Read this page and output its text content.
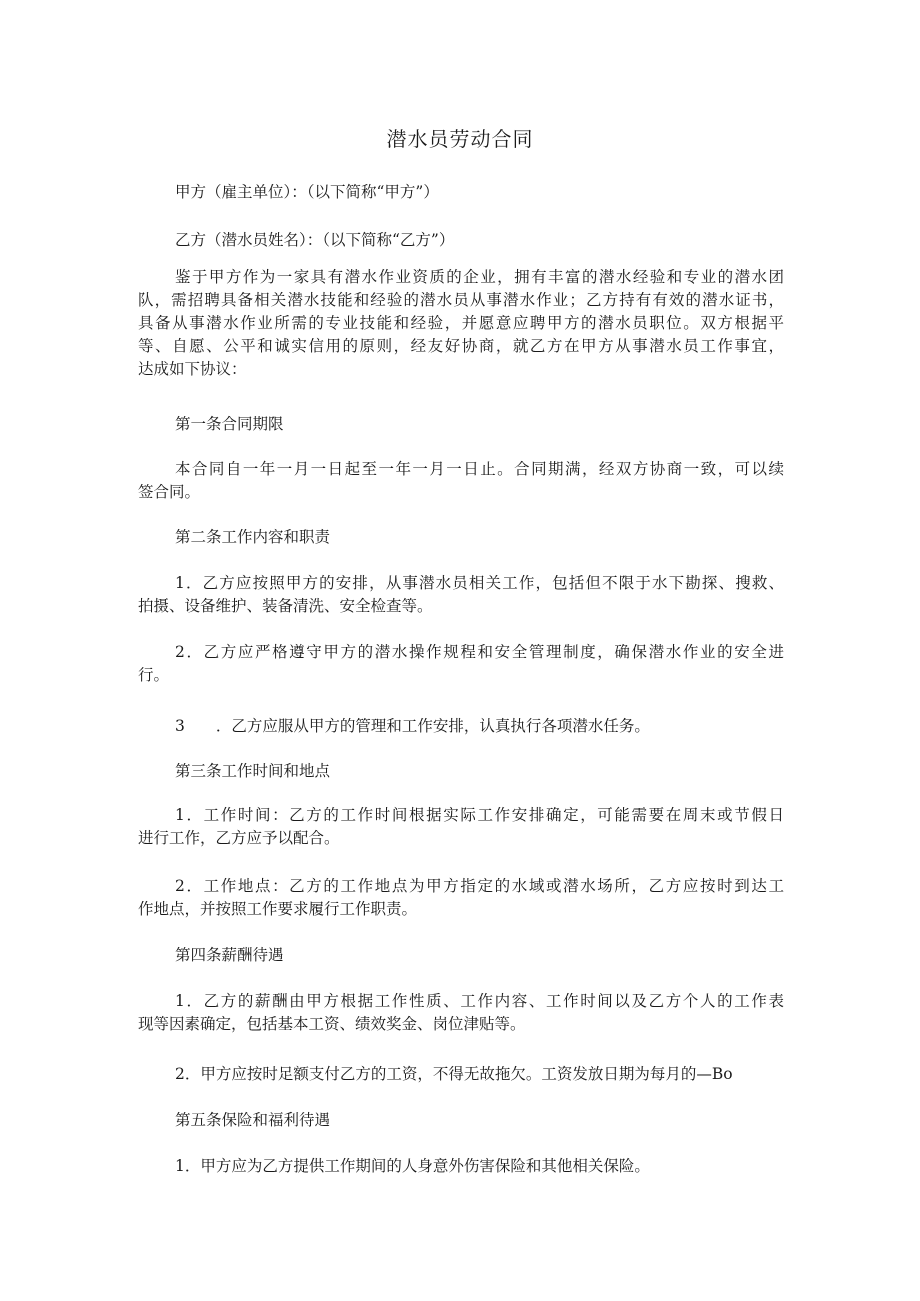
潜水员劳动合同
甲方（雇主单位）：（以下简称“甲方”）
乙方（潜水员姓名）：（以下简称“乙方”）
鉴于甲方作为一家具有潜水作业资质的企业，拥有丰富的潜水经验和专业的潜水团
队，需招聘具备相关潜水技能和经验的潜水员从事潜水作业；乙方持有有效的潜水证书，
具备从事潜水作业所需的专业技能和经验，并愿意应聘甲方的潜水员职位。双方根据平
等、自愿、公平和诚实信用的原则，经友好协商，就乙方在甲方从事潜水员工作事宜，
达成如下协议：
第一条合同期限
本合同自一年一月一日起至一年一月一日止。合同期满，经双方协商一致，可以续
签合同。
第二条工作内容和职责
1．乙方应按照甲方的安排，从事潜水员相关工作，包括但不限于水下勘探、搜救、
拍摄、设备维护、装备清洗、安全检查等。
2．乙方应严格遵守甲方的潜水操作规程和安全管理制度，确保潜水作业的安全进
行。
3　　．乙方应服从甲方的管理和工作安排，认真执行各项潜水任务。
第三条工作时间和地点
1．工作时间：乙方的工作时间根据实际工作安排确定，可能需要在周末或节假日
进行工作，乙方应予以配合。
2．工作地点：乙方的工作地点为甲方指定的水域或潜水场所，乙方应按时到达工
作地点，并按照工作要求履行工作职责。
第四条薪酬待遇
1．乙方的薪酬由甲方根据工作性质、工作内容、工作时间以及乙方个人的工作表
现等因素确定，包括基本工资、绩效奖金、岗位津贴等。
2．甲方应按时足额支付乙方的工资，不得无故拖欠。工资发放日期为每月的—Bo
第五条保险和福利待遇
1．甲方应为乙方提供工作期间的人身意外伤害保险和其他相关保险。
